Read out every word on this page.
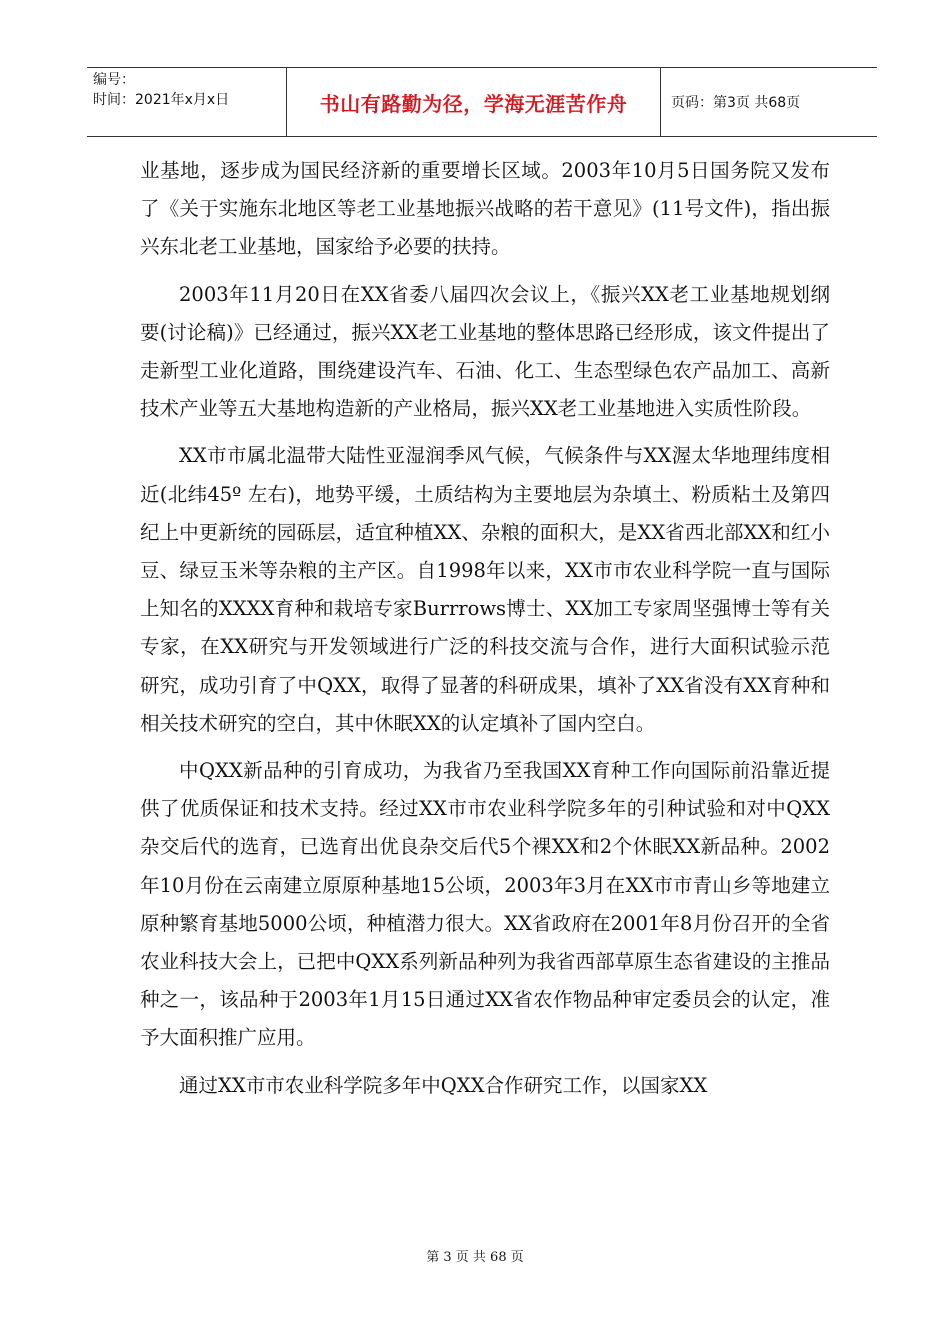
编号：
时间：2021年x月x日	书山有路勤为径，学海无涯苦作舟	页码：第3页 共68页

业基地，逐步成为国民经济新的重要增长区域。2003年10月5日国务院又发布了《关于实施东北地区等老工业基地振兴战略的若干意见》(11号文件)，指出振兴东北老工业基地，国家给予必要的扶持。

2003年11月20日在XX省委八届四次会议上，《振兴XX老工业基地规划纲要(讨论稿)》已经通过，振兴XX老工业基地的整体思路已经形成，该文件提出了走新型工业化道路，围绕建设汽车、石油、化工、生态型绿色农产品加工、高新技术产业等五大基地构造新的产业格局，振兴XX老工业基地进入实质性阶段。

XX市市属北温带大陆性亚湿润季风气候，气候条件与XX渥太华地理纬度相近(北纬45º 左右)，地势平缓，土质结构为主要地层为杂填土、粉质粘土及第四纪上中更新统的园砾层，适宜种植XX、杂粮的面积大，是XX省西北部XX和红小豆、绿豆玉米等杂粮的主产区。自1998年以来，XX市市农业科学院一直与国际上知名的XXXX育种和栽培专家Burrrows博士、XX加工专家周坚强博士等有关专家，在XX研究与开发领域进行广泛的科技交流与合作，进行大面积试验示范研究，成功引育了中QXX，取得了显著的科研成果，填补了XX省没有XX育种和相关技术研究的空白，其中休眠XX的认定填补了国内空白。

中QXX新品种的引育成功，为我省乃至我国XX育种工作向国际前沿靠近提供了优质保证和技术支持。经过XX市市农业科学院多年的引种试验和对中QXX杂交后代的选育，已选育出优良杂交后代5个裸XX和2个休眠XX新品种。2002年10月份在云南建立原原种基地15公顷，2003年3月在XX市市青山乡等地建立原种繁育基地5000公顷，种植潜力很大。XX省政府在2001年8月份召开的全省农业科技大会上，已把中QXX系列新品种列为我省西部草原生态省建设的主推品种之一，该品种于2003年1月15日通过XX省农作物品种审定委员会的认定，准予大面积推广应用。

通过XX市市农业科学院多年中QXX合作研究工作，以国家XX

第 3 页 共 68 页
